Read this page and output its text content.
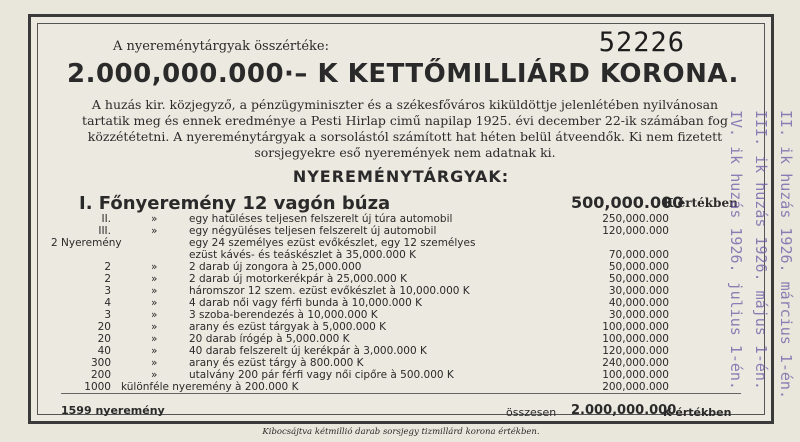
52226
A nyereménytárgyak összértéke:
2.000,000.000·– K KETTŐMILLIÁRD KORONA.
A huzás kir. közjegyző, a pénzügyminiszter és a székesfőváros kiküldöttje jelenlétében nyilvánosan tartatik meg és ennek eredménye a Pesti Hirlap cimű napilap 1925. évi december 22-ik számában fog közzététetni. A nyereménytárgyak a sorsolástól számított hat héten belül átveendők. Ki nem fizetett sorsjegyekre eső nyeremények nem adatnak ki.
NYEREMÉNYTÁRGYAK:
I. Főnyeremény 12 vagón búza	500,000.000
K értékben
II.	»	egy hatüléses teljesen felszerelt új túra automobil	250,000.000
III.	»	egy négyüléses teljesen felszerelt új automobil	120,000.000
2 Nyeremény	egy 24 személyes ezüst evőkészlet, egy 12 személyes
ezüst kávés- és teáskészlet à 35,000.000 K	70,000.000
2	»	2 darab új zongora à 25,000.000	50,000.000
2	»	2 darab új motorkerékpár à 25,000.000 K	50,000.000
3	»	háromszor 12 szem. ezüst evőkészlet à 10,000.000 K	30,000.000
4	»	4 darab női vagy férfi bunda à 10,000.000 K	40,000.000
3	»	3 szoba-berendezés à 10,000.000 K	30,000.000
20	»	arany és ezüst tárgyak à 5,000.000 K	100,000.000
20	»	20 darab írógép à 5,000.000 K	100,000.000
40	»	40 darab felszerelt új kerékpár à 3,000.000 K	120,000.000
300	»	arany és ezüst tárgy à 800.000 K	240,000.000
200	»	utalvány 200 pár férfi vagy női cipőre à 500.000 K	100,000.000
1000 különféle nyeremény à 200.000 K	200,000.000
1599 nyeremény	összesen 2.000,000.000
K értékben
Kibocsájtva kétmillió darab sorsjegy tizmillárd korona értékben.
II. ik huzás 1926. március 1-én.
III. ik huzás 1926. május 1-én.
IV. ik huzás 1926. julius 1-én.
